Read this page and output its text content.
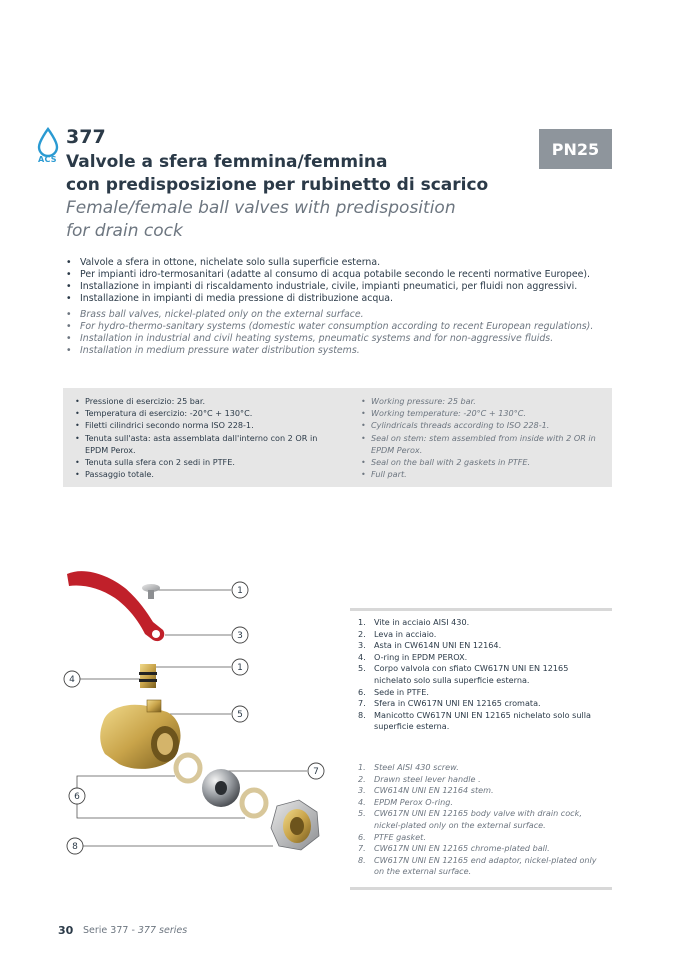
ACS
377
Valvole a sfera femmina/femmina
con predisposizione per rubinetto di scarico
Female/female ball valves with predisposition
for drain cock
PN25
• Valvole a sfera in ottone, nichelate solo sulla superficie esterna.
• Per impianti idro-termosanitari (adatte al consumo di acqua potabile secondo le recenti normative Europee).
• Installazione in impianti di riscaldamento industriale, civile, impianti pneumatici, per fluidi non aggressivi.
• Installazione in impianti di media pressione di distribuzione acqua.
• Brass ball valves, nickel-plated only on the external surface.
• For hydro-thermo-sanitary systems (domestic water consumption according to recent European regulations).
• Installation in industrial and civil heating systems, pneumatic systems and for non-aggressive fluids.
• Installation in medium pressure water distribution systems.
• Pressione di esercizio: 25 bar.
• Temperatura di esercizio: -20°C + 130°C.
• Filetti cilindrici secondo norma ISO 228-1.
• Tenuta sull'asta: asta assemblata dall'interno con 2 OR in EPDM Perox.
• Tenuta sulla sfera con 2 sedi in PTFE.
• Passaggio totale.
• Working pressure: 25 bar.
• Working temperature: -20°C + 130°C.
• Cylindricals threads according to ISO 228-1.
• Seal on stem: stem assembled from inside with 2 OR in EPDM Perox.
• Seal on the ball with 2 gaskets in PTFE.
• Full part.
1
3
1
4
5
7
6
8
1.	Vite in acciaio AISI 430.
2.	Leva in acciaio.
3.	Asta in CW614N UNI EN 12164.
4.	O-ring in EPDM PEROX.
5.	Corpo valvola con sfiato CW617N UNI EN 12165 nichelato solo sulla superficie esterna.
6.	Sede in PTFE.
7.	Sfera in CW617N UNI EN 12165 cromata.
8.	Manicotto CW617N UNI EN 12165 nichelato solo sulla superficie esterna.
1.	Steel AISI 430 screw.
2.	Drawn steel lever handle .
3.	CW614N UNI EN 12164 stem.
4.	EPDM Perox O-ring.
5.	CW617N UNI EN 12165 body valve with drain cock, nickel-plated only on the external surface.
6.	PTFE gasket.
7.	CW617N UNI EN 12165 chrome-plated ball.
8.	CW617N UNI EN 12165 end adaptor, nickel-plated only on the external surface.
30 Serie 377 - 377 series
